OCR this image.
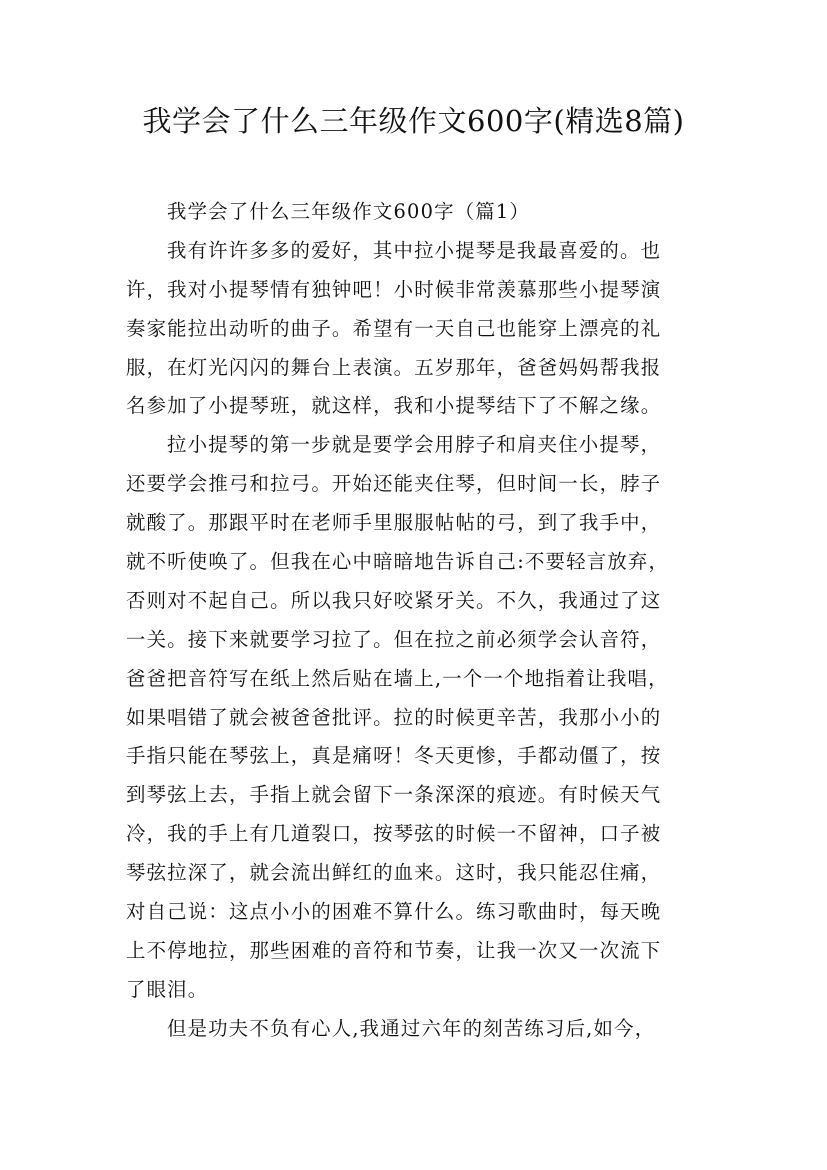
我学会了什么三年级作文600字(精选8篇)
我学会了什么三年级作文600字（篇1）
我有许许多多的爱好，其中拉小提琴是我最喜爱的。也
许，我对小提琴情有独钟吧！小时候非常羡慕那些小提琴演
奏家能拉出动听的曲子。希望有一天自己也能穿上漂亮的礼
服，在灯光闪闪的舞台上表演。五岁那年，爸爸妈妈帮我报
名参加了小提琴班，就这样，我和小提琴结下了不解之缘。
拉小提琴的第一步就是要学会用脖子和肩夹住小提琴，
还要学会推弓和拉弓。开始还能夹住琴，但时间一长，脖子
就酸了。那跟平时在老师手里服服帖帖的弓，到了我手中，
就不听使唤了。但我在心中暗暗地告诉自己:不要轻言放弃，
否则对不起自己。所以我只好咬紧牙关。不久，我通过了这
一关。接下来就要学习拉了。但在拉之前必须学会认音符，
爸爸把音符写在纸上然后贴在墙上,一个一个地指着让我唱，
如果唱错了就会被爸爸批评。拉的时候更辛苦，我那小小的
手指只能在琴弦上，真是痛呀！冬天更惨，手都动僵了，按
到琴弦上去，手指上就会留下一条深深的痕迹。有时候天气
冷，我的手上有几道裂口，按琴弦的时候一不留神，口子被
琴弦拉深了，就会流出鲜红的血来。这时，我只能忍住痛，
对自己说：这点小小的困难不算什么。练习歌曲时，每天晚
上不停地拉，那些困难的音符和节奏，让我一次又一次流下
了眼泪。
但是功夫不负有心人,我通过六年的刻苦练习后,如今，
